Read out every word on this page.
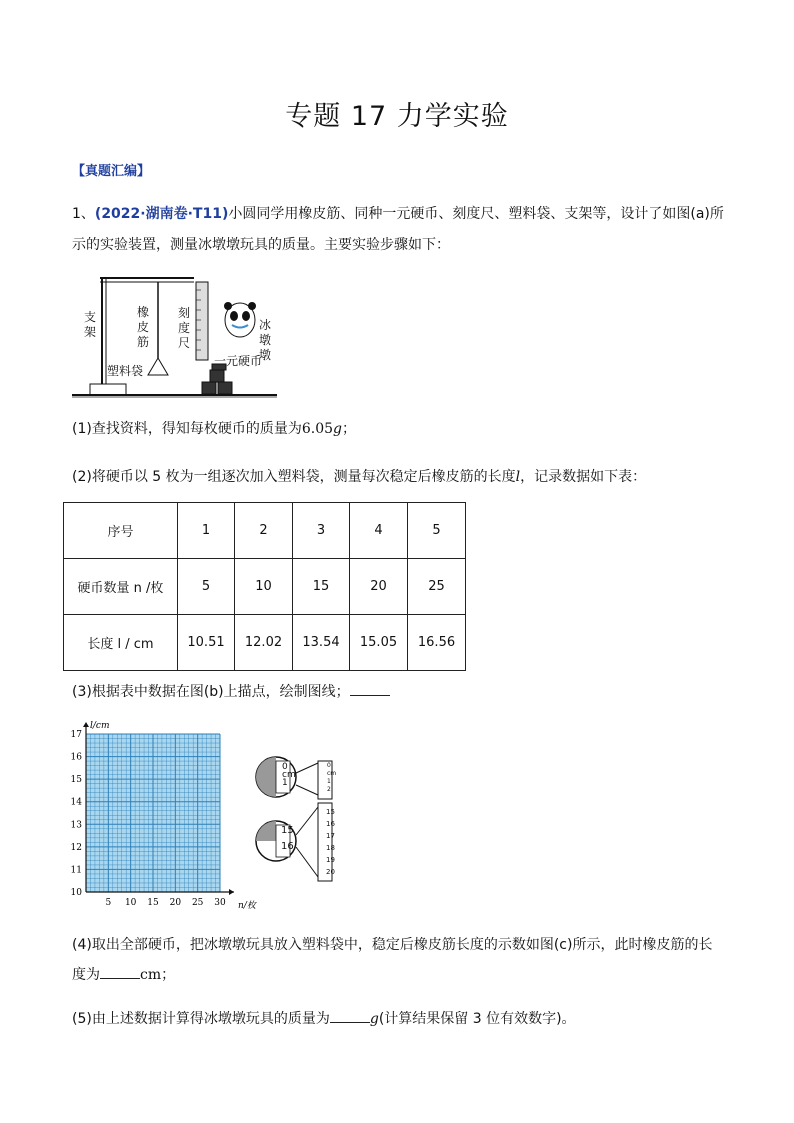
专题 17 力学实验
【真题汇编】
1、(2022·湖南卷·T11)小圆同学用橡皮筋、同种一元硬币、刻度尺、塑料袋、支架等，设计了如图(a)所
示的实验装置，测量冰墩墩玩具的质量。主要实验步骤如下：
支架
橡皮筋
刻度尺
塑料袋
冰墩墩
一元硬币
(1)查找资料，得知每枚硬币的质量为6.05g；
(2)将硬币以 5 枚为一组逐次加入塑料袋，测量每次稳定后橡皮筋的长度l，记录数据如下表：
序号	1	2	3	4	5
硬币数量 n /枚	5	10	15	20	25
长度 l / cm	10.51	12.02	13.54	15.05	16.56
(3)根据表中数据在图(b)上描点，绘制图线；
5 10 15 20 25 30
10
11
12
13
14
15
16
17
n/枚
l/cm
0
cm
1
15
16
0
cm
1
2
15
16
17
18
19
20
(4)取出全部硬币，把冰墩墩玩具放入塑料袋中，稳定后橡皮筋长度的示数如图(c)所示，此时橡皮筋的长
度为	cm；
(5)由上述数据计算得冰墩墩玩具的质量为	g(计算结果保留 3 位有效数字)。
